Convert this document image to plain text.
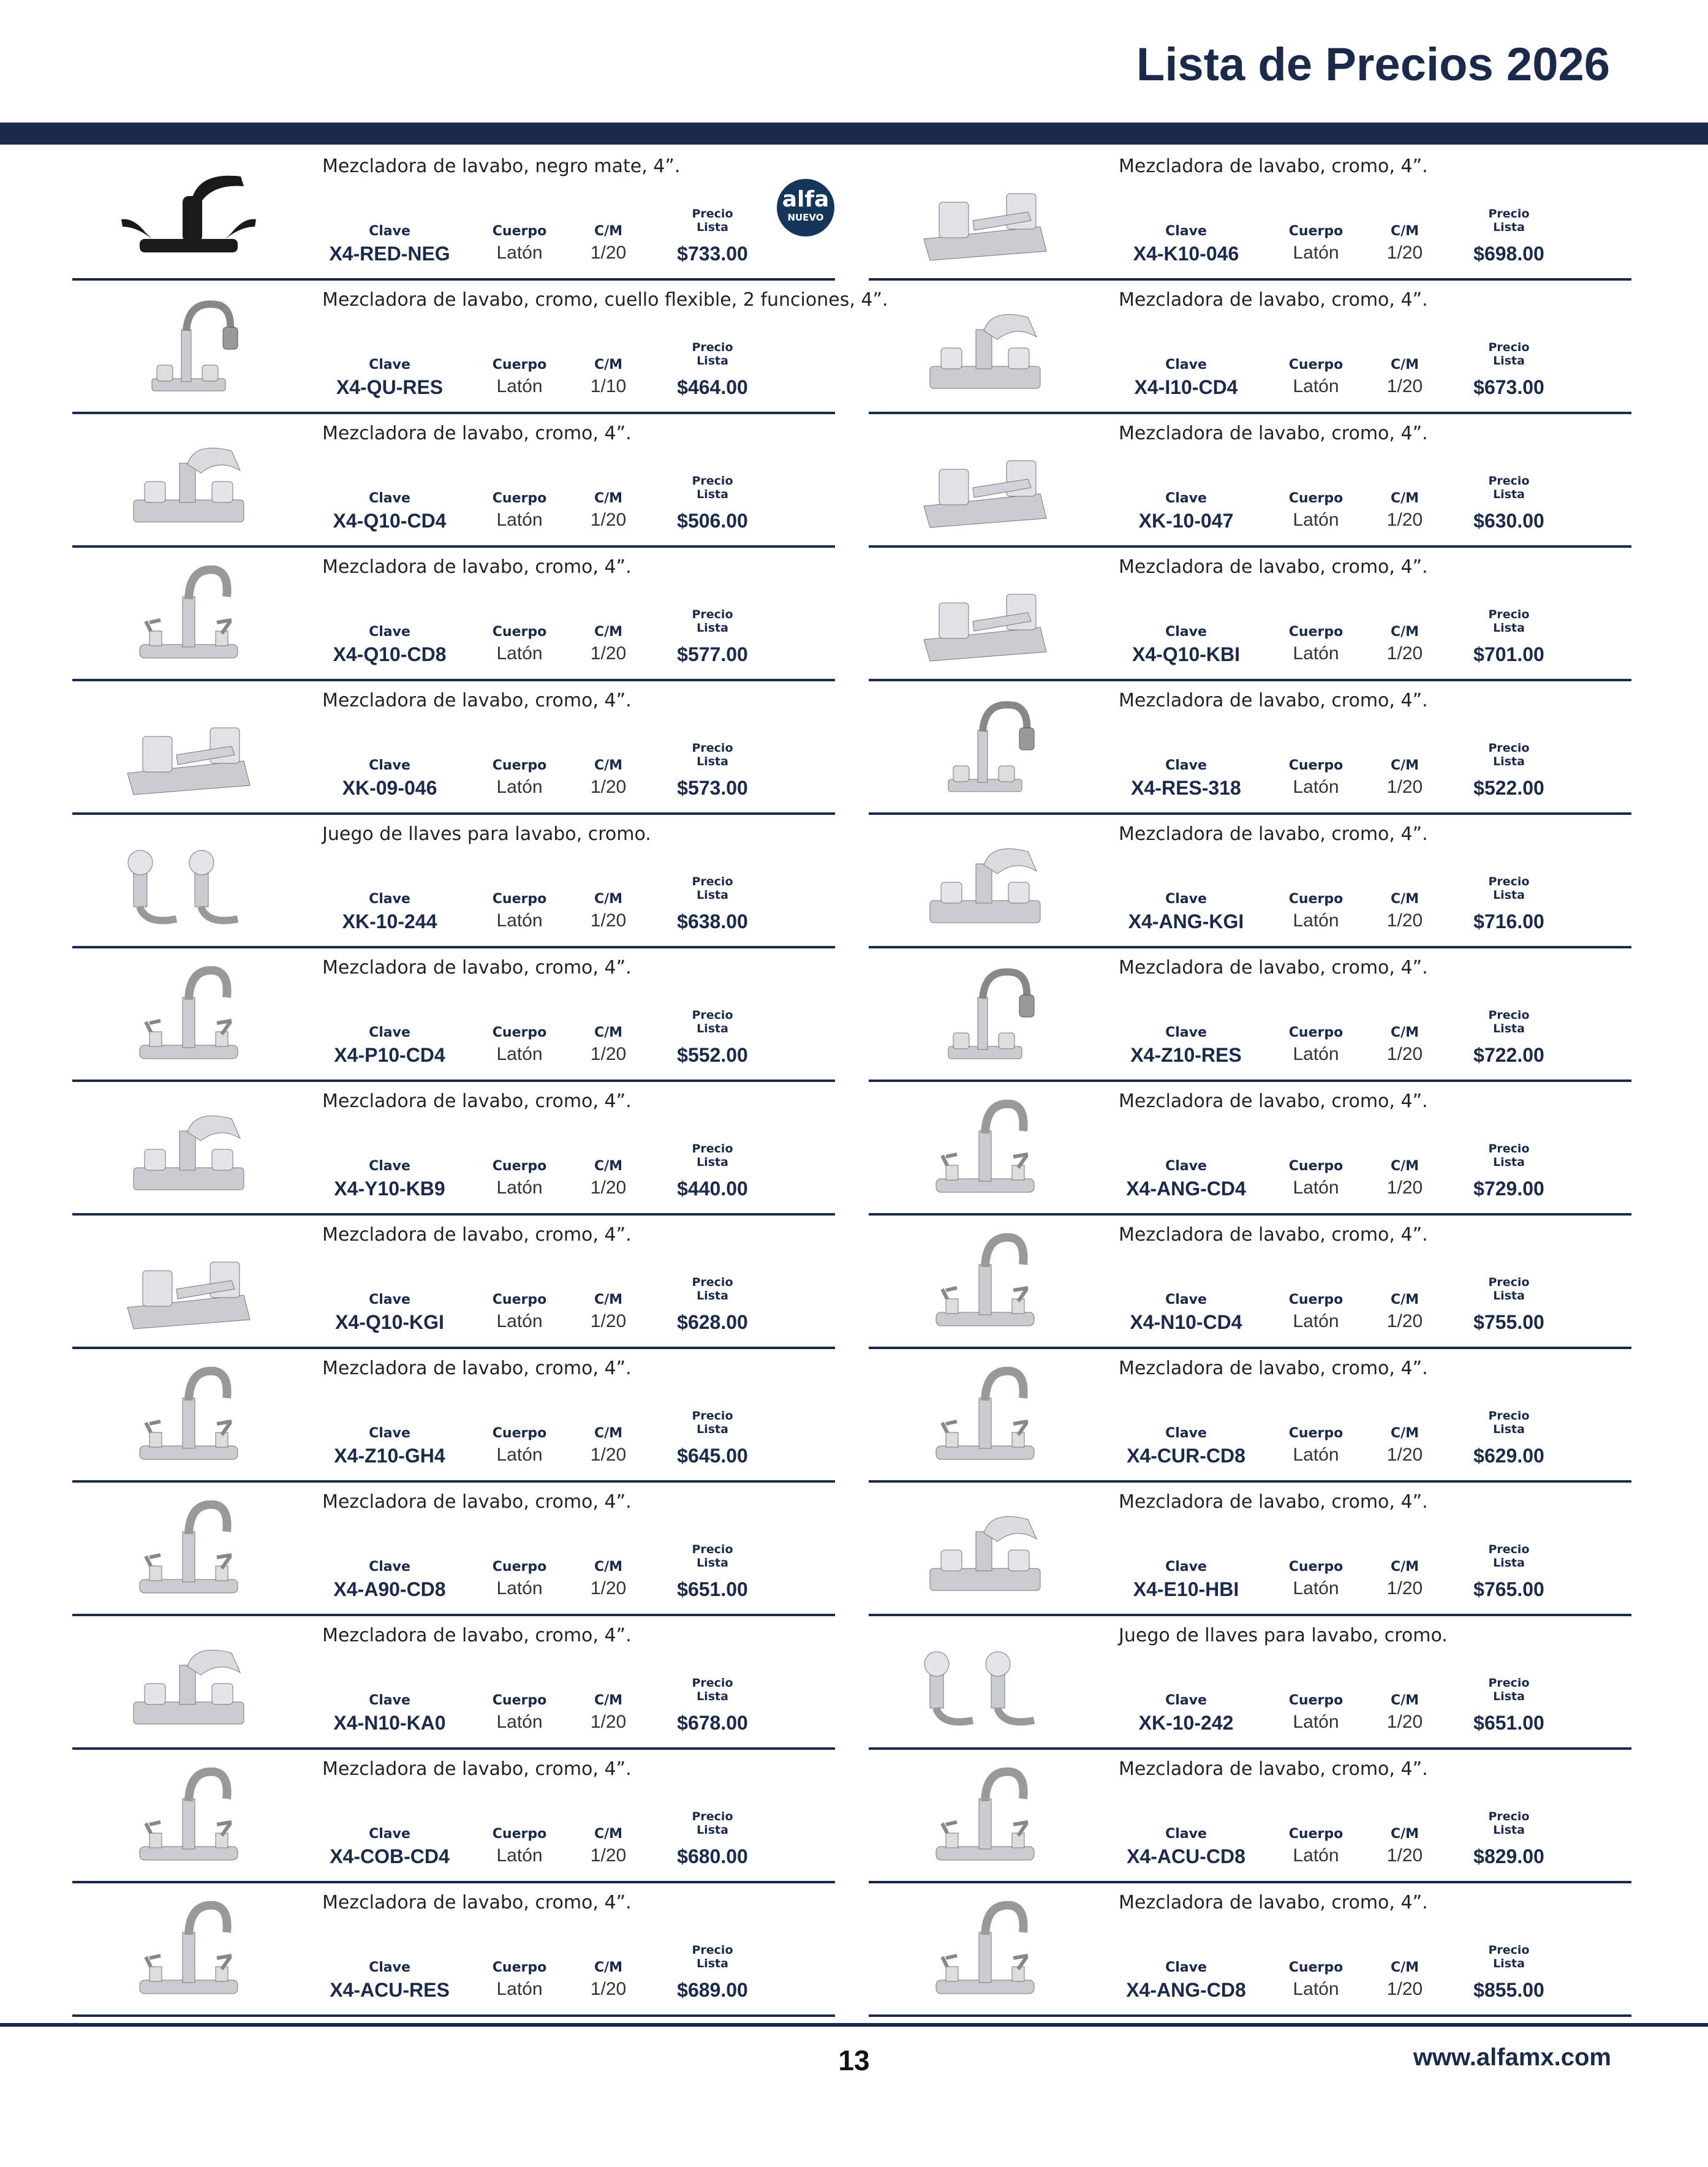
Lista de Precios 2026
Mezcladora de lavabo, negro mate, 4”.
Clave
X4-RED-NEG
Cuerpo
Latón
C/M
1/20
Precio
Lista
$733.00
alfa
NUEVO
Mezcladora de lavabo, cromo, cuello flexible, 2 funciones, 4”.
Clave
X4-QU-RES
Cuerpo
Latón
C/M
1/10
Precio
Lista
$464.00
Mezcladora de lavabo, cromo, 4”.
Clave
X4-Q10-CD4
Cuerpo
Latón
C/M
1/20
Precio
Lista
$506.00
Mezcladora de lavabo, cromo, 4”.
Clave
X4-Q10-CD8
Cuerpo
Latón
C/M
1/20
Precio
Lista
$577.00
Mezcladora de lavabo, cromo, 4”.
Clave
XK-09-046
Cuerpo
Latón
C/M
1/20
Precio
Lista
$573.00
Juego de llaves para lavabo, cromo.
Clave
XK-10-244
Cuerpo
Latón
C/M
1/20
Precio
Lista
$638.00
Mezcladora de lavabo, cromo, 4”.
Clave
X4-P10-CD4
Cuerpo
Latón
C/M
1/20
Precio
Lista
$552.00
Mezcladora de lavabo, cromo, 4”.
Clave
X4-Y10-KB9
Cuerpo
Latón
C/M
1/20
Precio
Lista
$440.00
Mezcladora de lavabo, cromo, 4”.
Clave
X4-Q10-KGI
Cuerpo
Latón
C/M
1/20
Precio
Lista
$628.00
Mezcladora de lavabo, cromo, 4”.
Clave
X4-Z10-GH4
Cuerpo
Latón
C/M
1/20
Precio
Lista
$645.00
Mezcladora de lavabo, cromo, 4”.
Clave
X4-A90-CD8
Cuerpo
Latón
C/M
1/20
Precio
Lista
$651.00
Mezcladora de lavabo, cromo, 4”.
Clave
X4-N10-KA0
Cuerpo
Latón
C/M
1/20
Precio
Lista
$678.00
Mezcladora de lavabo, cromo, 4”.
Clave
X4-COB-CD4
Cuerpo
Latón
C/M
1/20
Precio
Lista
$680.00
Mezcladora de lavabo, cromo, 4”.
Clave
X4-ACU-RES
Cuerpo
Latón
C/M
1/20
Precio
Lista
$689.00
Mezcladora de lavabo, cromo, 4”.
Clave
X4-K10-046
Cuerpo
Latón
C/M
1/20
Precio
Lista
$698.00
Mezcladora de lavabo, cromo, 4”.
Clave
X4-I10-CD4
Cuerpo
Latón
C/M
1/20
Precio
Lista
$673.00
Mezcladora de lavabo, cromo, 4”.
Clave
XK-10-047
Cuerpo
Latón
C/M
1/20
Precio
Lista
$630.00
Mezcladora de lavabo, cromo, 4”.
Clave
X4-Q10-KBI
Cuerpo
Latón
C/M
1/20
Precio
Lista
$701.00
Mezcladora de lavabo, cromo, 4”.
Clave
X4-RES-318
Cuerpo
Latón
C/M
1/20
Precio
Lista
$522.00
Mezcladora de lavabo, cromo, 4”.
Clave
X4-ANG-KGI
Cuerpo
Latón
C/M
1/20
Precio
Lista
$716.00
Mezcladora de lavabo, cromo, 4”.
Clave
X4-Z10-RES
Cuerpo
Latón
C/M
1/20
Precio
Lista
$722.00
Mezcladora de lavabo, cromo, 4”.
Clave
X4-ANG-CD4
Cuerpo
Latón
C/M
1/20
Precio
Lista
$729.00
Mezcladora de lavabo, cromo, 4”.
Clave
X4-N10-CD4
Cuerpo
Latón
C/M
1/20
Precio
Lista
$755.00
Mezcladora de lavabo, cromo, 4”.
Clave
X4-CUR-CD8
Cuerpo
Latón
C/M
1/20
Precio
Lista
$629.00
Mezcladora de lavabo, cromo, 4”.
Clave
X4-E10-HBI
Cuerpo
Latón
C/M
1/20
Precio
Lista
$765.00
Juego de llaves para lavabo, cromo.
Clave
XK-10-242
Cuerpo
Latón
C/M
1/20
Precio
Lista
$651.00
Mezcladora de lavabo, cromo, 4”.
Clave
X4-ACU-CD8
Cuerpo
Latón
C/M
1/20
Precio
Lista
$829.00
Mezcladora de lavabo, cromo, 4”.
Clave
X4-ANG-CD8
Cuerpo
Latón
C/M
1/20
Precio
Lista
$855.00
13	www.alfamx.com
